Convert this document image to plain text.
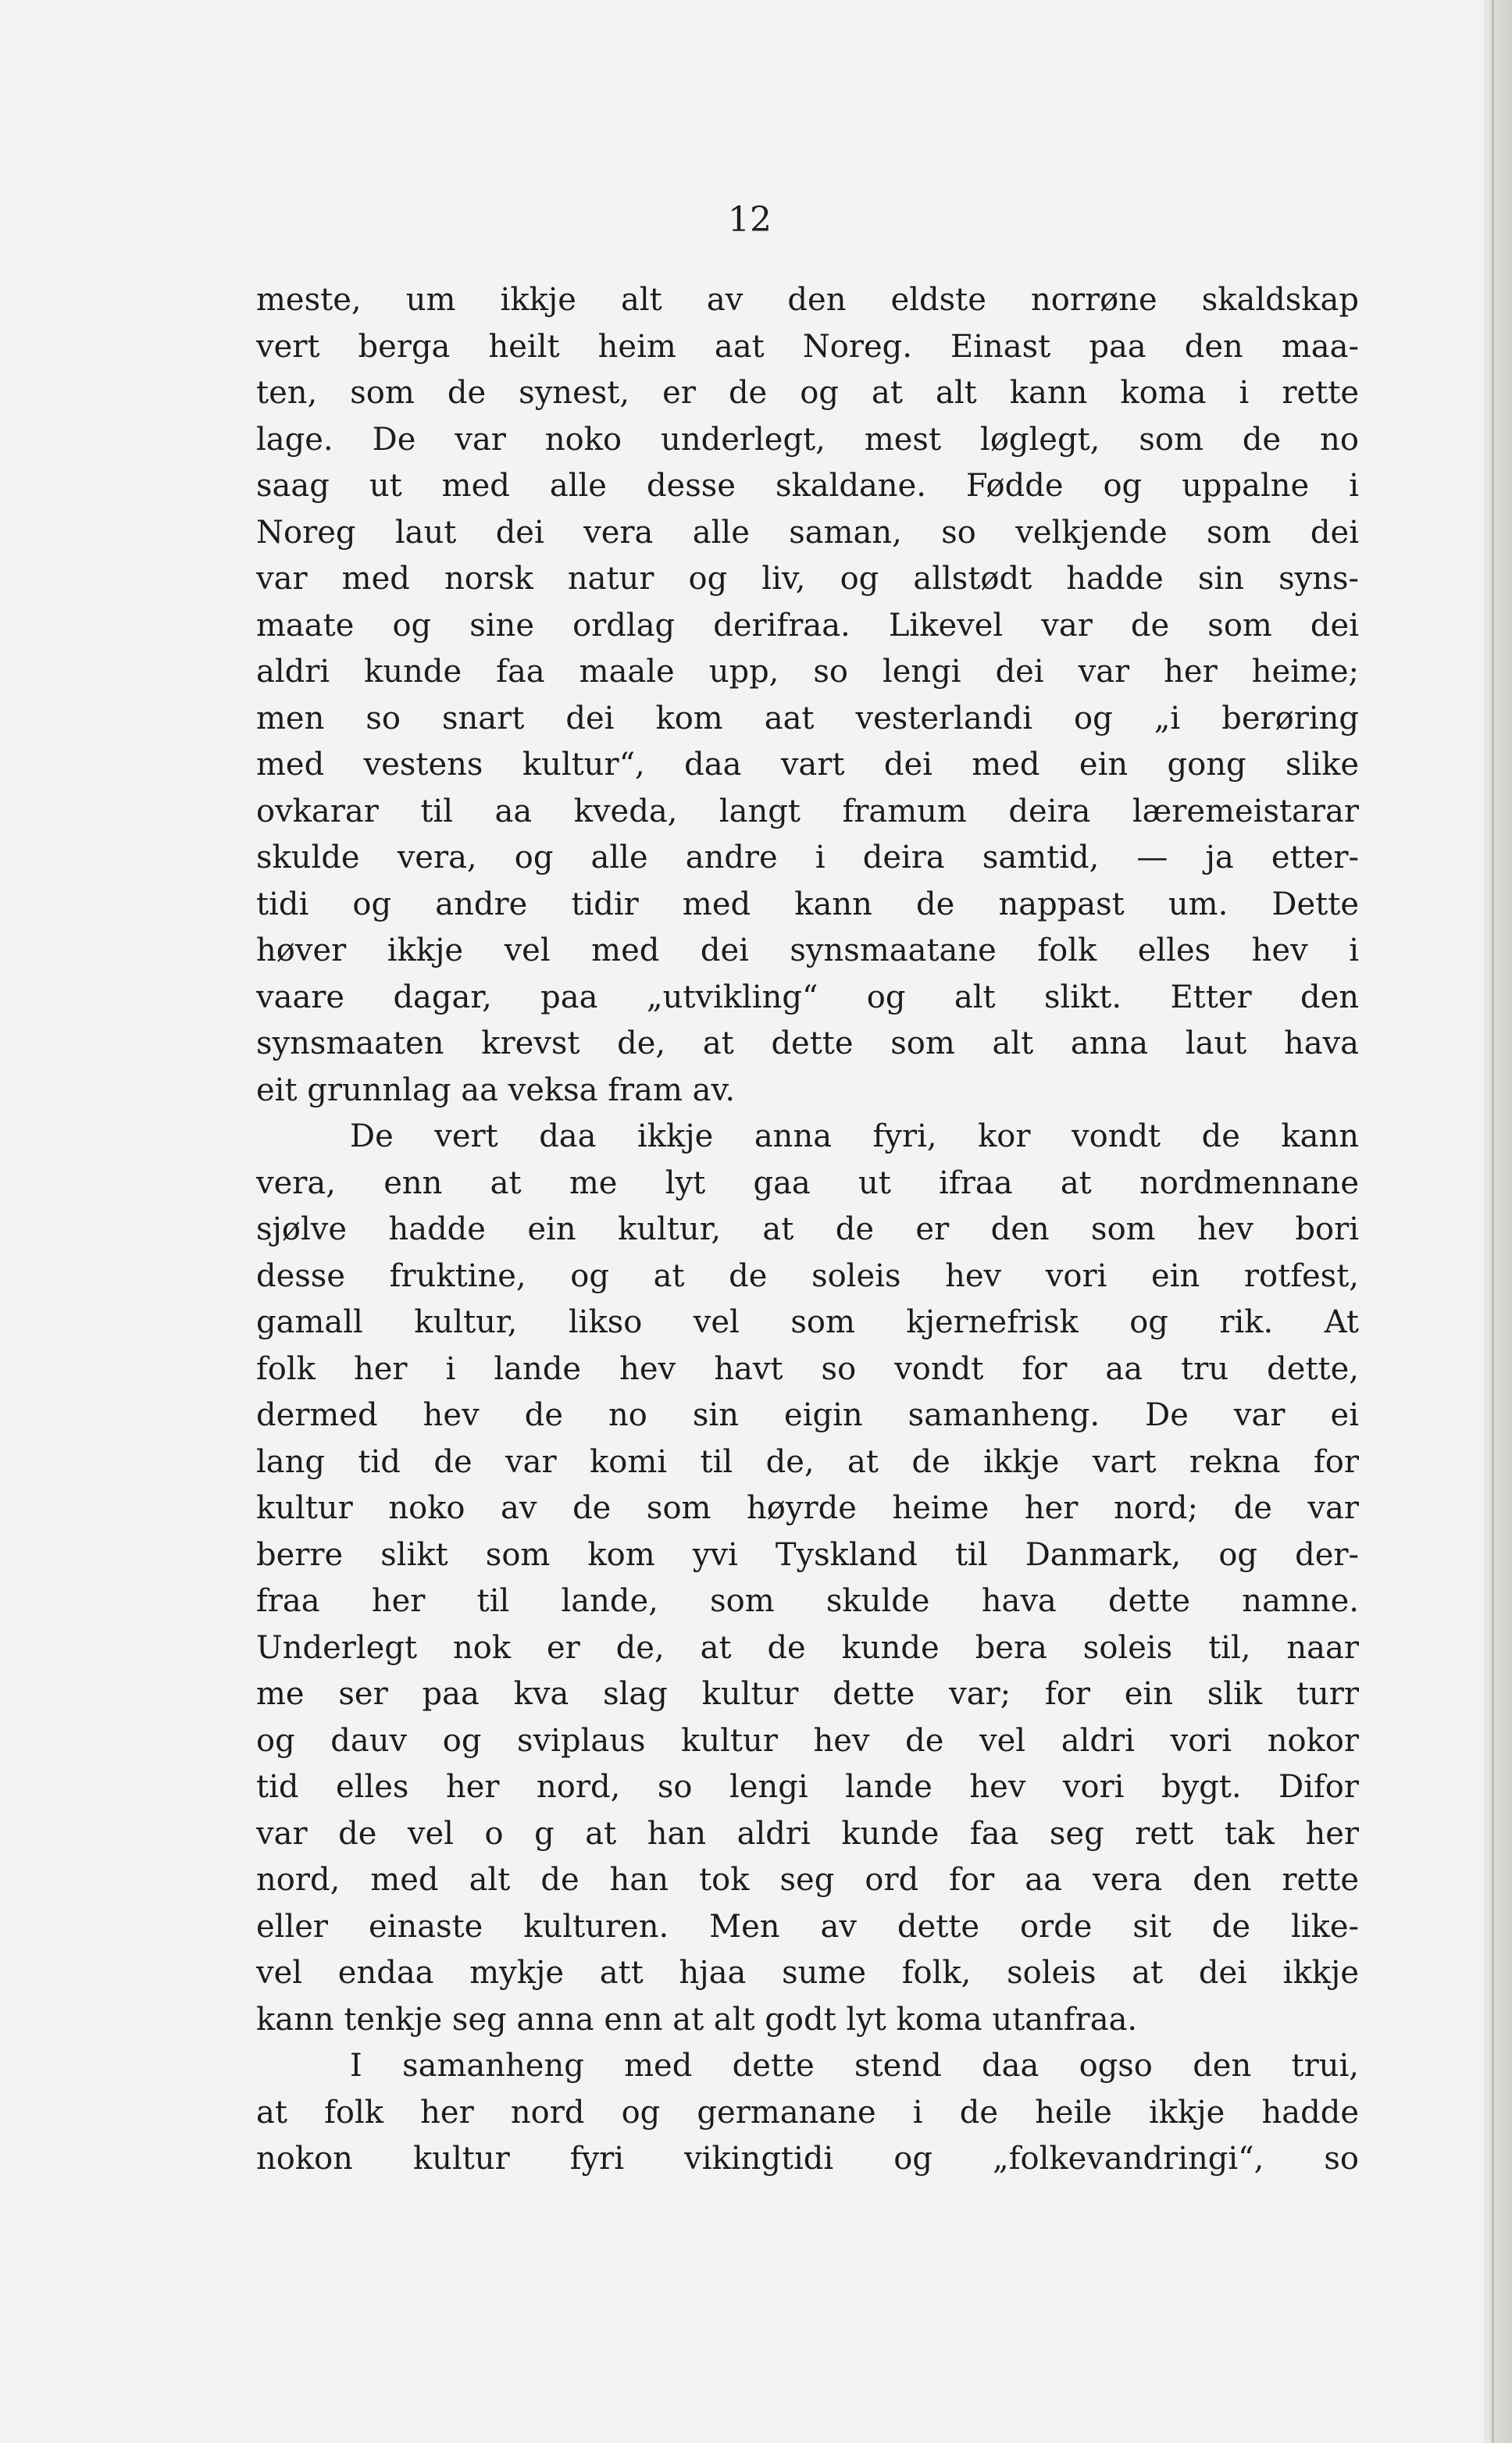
12
meste, um ikkje alt av den eldste norrøne skaldskap
vert berga heilt heim aat Noreg. Einast paa den maa-
ten, som de synest, er de og at alt kann koma i rette
lage. De var noko underlegt, mest løglegt, som de no
saag ut med alle desse skaldane. Fødde og uppalne i
Noreg laut dei vera alle saman, so velkjende som dei
var med norsk natur og liv, og allstødt hadde sin syns-
maate og sine ordlag derifraa. Likevel var de som dei
aldri kunde faa maale upp, so lengi dei var her heime;
men so snart dei kom aat vesterlandi og „i berøring
med vestens kultur“, daa vart dei med ein gong slike
ovkarar til aa kveda, langt framum deira læremeistarar
skulde vera, og alle andre i deira samtid, — ja etter-
tidi og andre tidir med kann de nappast um. Dette
høver ikkje vel med dei synsmaatane folk elles hev i
vaare dagar, paa „utvikling“ og alt slikt. Etter den
synsmaaten krevst de, at dette som alt anna laut hava
eit grunnlag aa veksa fram av.
De vert daa ikkje anna fyri, kor vondt de kann
vera, enn at me lyt gaa ut ifraa at nordmennane
sjølve hadde ein kultur, at de er den som hev bori
desse fruktine, og at de soleis hev vori ein rotfest,
gamall kultur, likso vel som kjernefrisk og rik. At
folk her i lande hev havt so vondt for aa tru dette,
dermed hev de no sin eigin samanheng. De var ei
lang tid de var komi til de, at de ikkje vart rekna for
kultur noko av de som høyrde heime her nord; de var
berre slikt som kom yvi Tyskland til Danmark, og der-
fraa her til lande, som skulde hava dette namne.
Underlegt nok er de, at de kunde bera soleis til, naar
me ser paa kva slag kultur dette var; for ein slik turr
og dauv og sviplaus kultur hev de vel aldri vori nokor
tid elles her nord, so lengi lande hev vori bygt. Difor
var de vel o g at han aldri kunde faa seg rett tak her
nord, med alt de han tok seg ord for aa vera den rette
eller einaste kulturen. Men av dette orde sit de like-
vel endaa mykje att hjaa sume folk, soleis at dei ikkje
kann tenkje seg anna enn at alt godt lyt koma utanfraa.
I samanheng med dette stend daa ogso den trui,
at folk her nord og germanane i de heile ikkje hadde
nokon kultur fyri vikingtidi og „folkevandringi“, so
